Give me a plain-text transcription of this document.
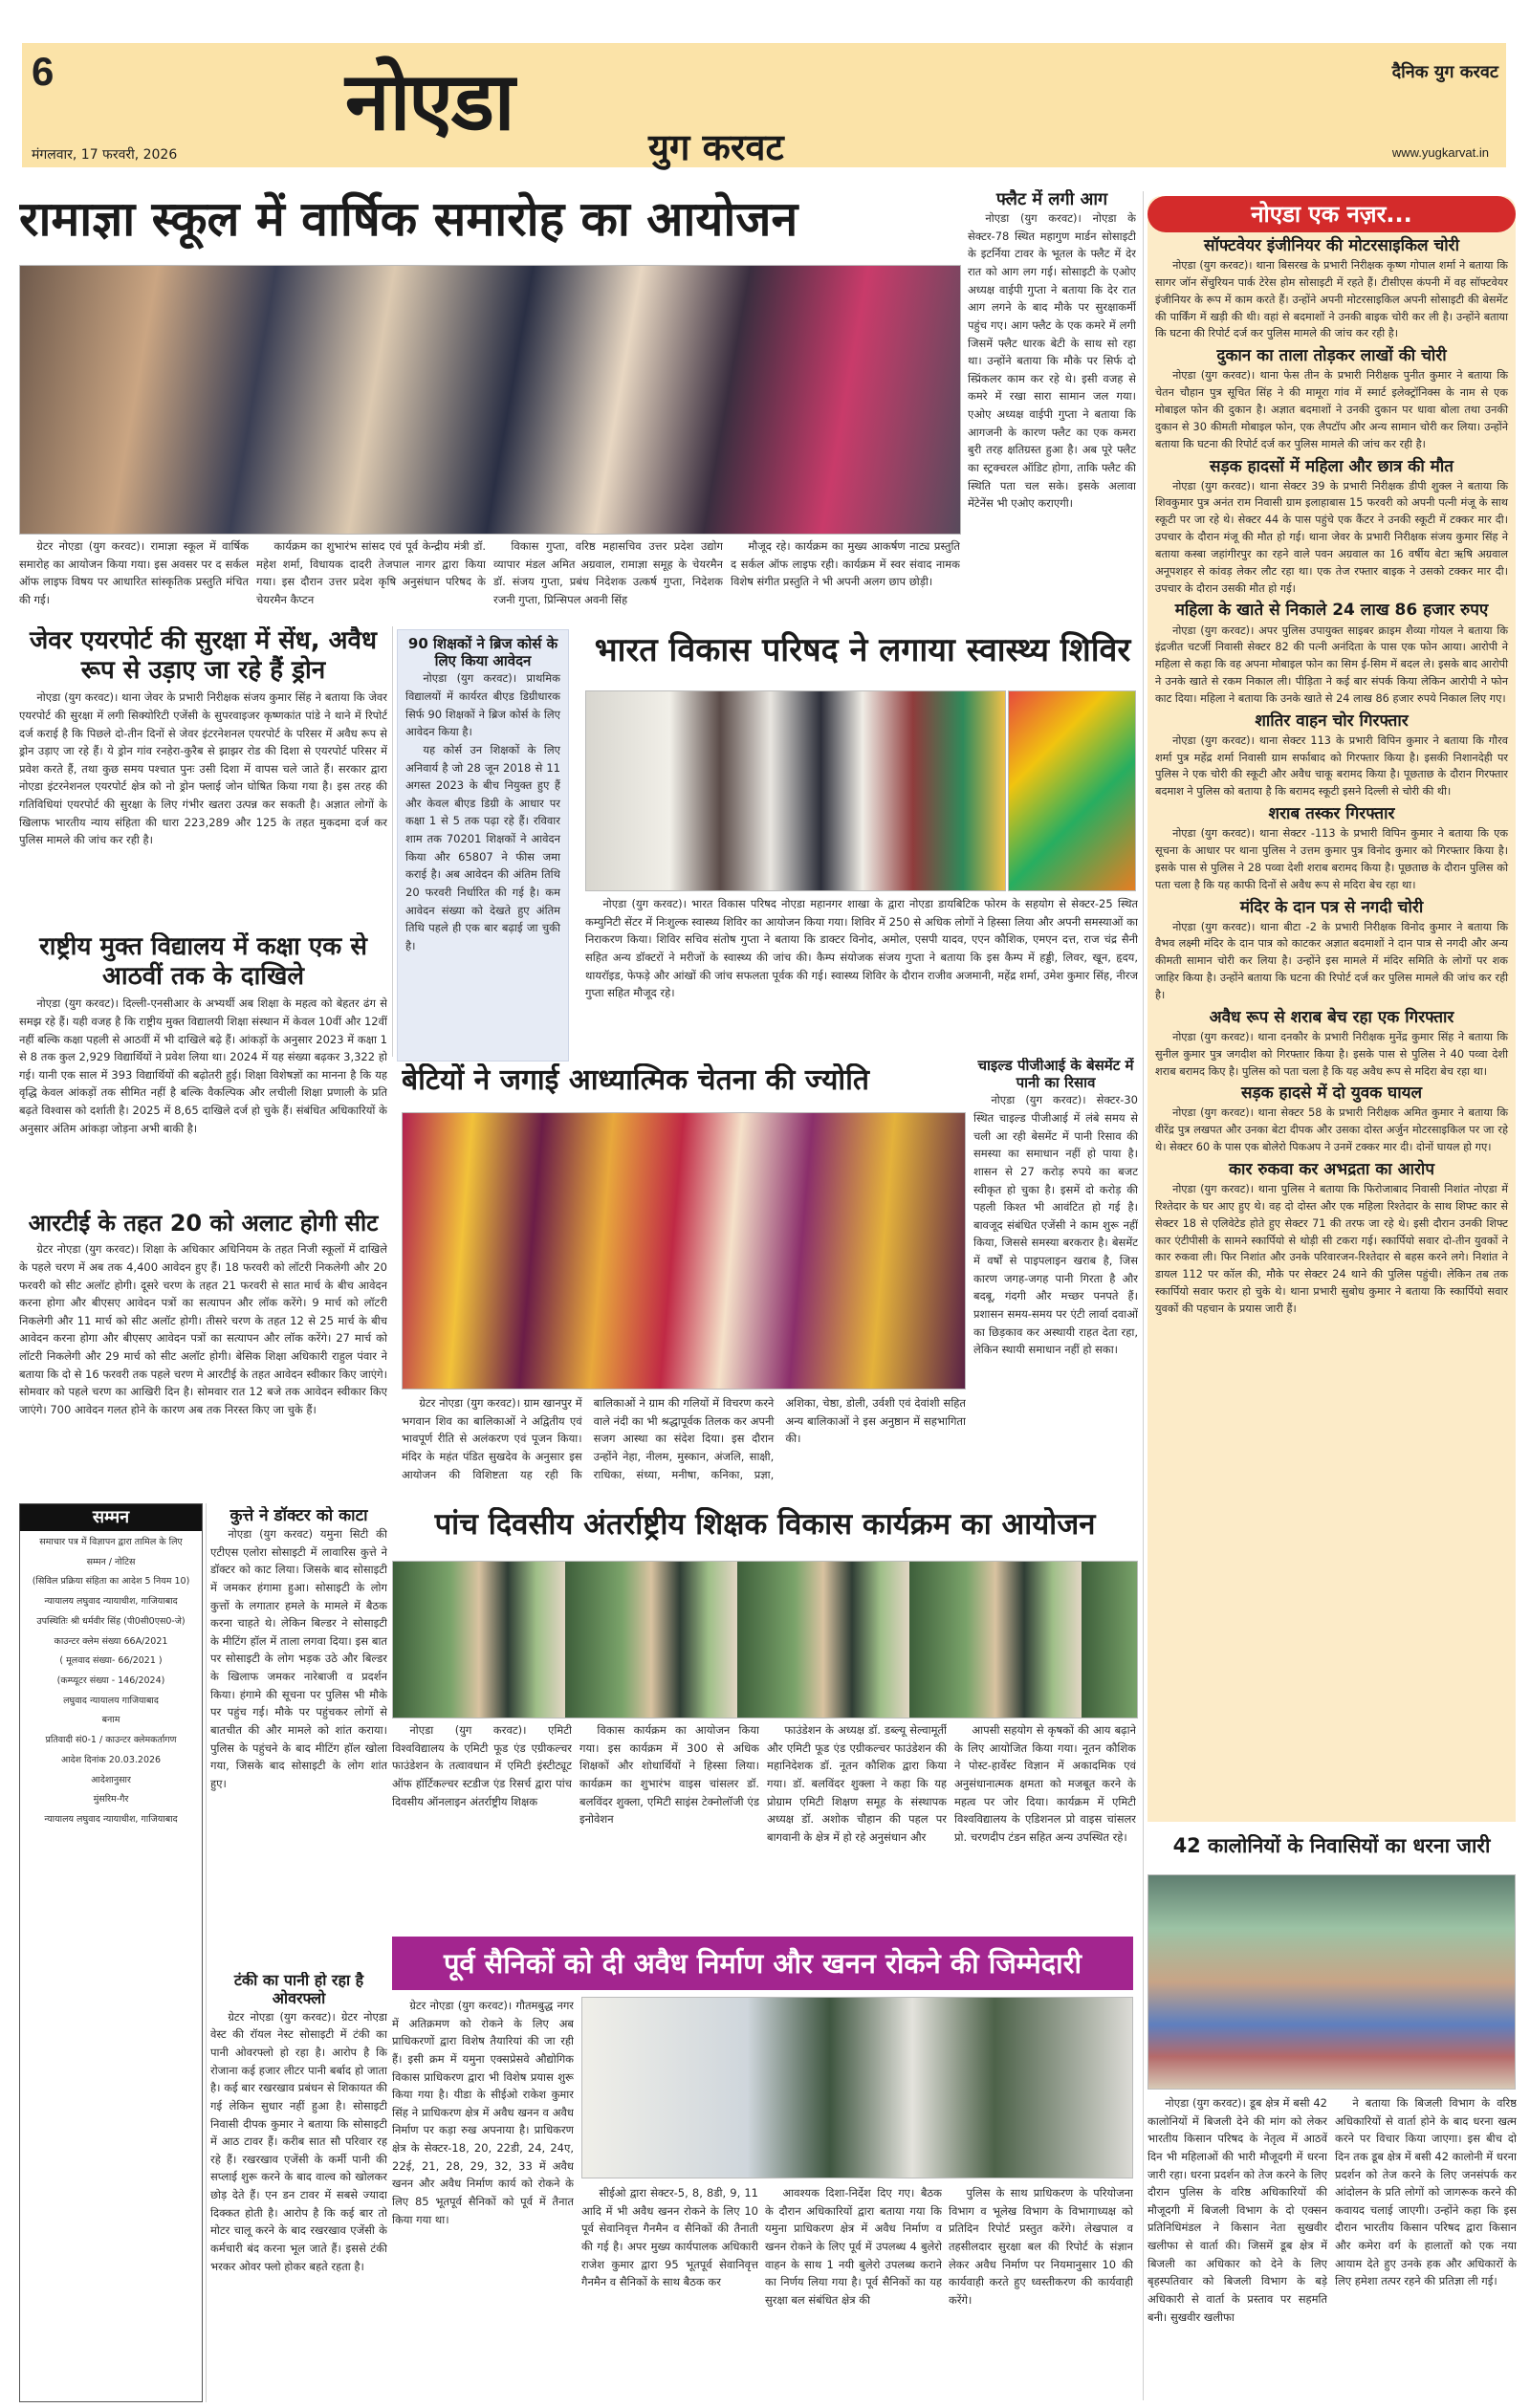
6	नोएडा	युग करवट
मंगलवार, 17 फरवरी, 2026
दैनिक युग करवट
www.yugkarvat.in
रामाज्ञा स्कूल में वार्षिक समारोह का आयोजन

ग्रेटर नोएडा (युग करवट)। रामाज्ञा स्कूल में वार्षिक समारोह का आयोजन किया गया। इस अवसर पर द सर्कल ऑफ लाइफ विषय पर आधारित सांस्कृतिक प्रस्तुति मंचित की गई।

कार्यक्रम का शुभारंभ सांसद एवं पूर्व केन्द्रीय मंत्री डॉ. महेश शर्मा, विधायक दादरी तेजपाल नागर द्वारा किया गया। इस दौरान उत्तर प्रदेश कृषि अनुसंधान परिषद के चेयरमैन कैप्टन

विकास गुप्ता, वरिष्ठ महासचिव उत्तर प्रदेश उद्योग व्यापार मंडल अमित अग्रवाल, रामाज्ञा समूह के चेयरमैन डॉ. संजय गुप्ता, प्रबंध निदेशक उत्कर्ष गुप्ता, निदेशक रजनी गुप्ता, प्रिन्सिपल अवनी सिंह

मौजूद रहे। कार्यक्रम का मुख्य आकर्षण नाट्य प्रस्तुति द सर्कल ऑफ लाइफ रही। कार्यक्रम में स्वर संवाद नामक विशेष संगीत प्रस्तुति ने भी अपनी अलग छाप छोड़ी।

फ्लैट में लगी आग

नोएडा (युग करवट)। नोएडा के सेक्टर-78 स्थित महागुण मार्डन सोसाइटी के इटर्निया टावर के भूतल के फ्लैट में देर रात को आग लग गई। सोसाइटी के एओए अध्यक्ष वाईपी गुप्ता ने बताया कि देर रात आग लगने के बाद मौके पर सुरक्षाकर्मी पहुंच गए। आग फ्लैट के एक कमरे में लगी जिसमें फ्लैट धारक बेटी के साथ सो रहा था। उन्होंने बताया कि मौके पर सिर्फ दो स्प्रिंकलर काम कर रहे थे। इसी वजह से कमरे में रखा सारा सामान जल गया। एओए अध्यक्ष वाईपी गुप्ता ने बताया कि आगजनी के कारण फ्लैट का एक कमरा बुरी तरह क्षतिग्रस्त हुआ है। अब पूरे फ्लैट का स्ट्रक्चरल ऑडिट होगा, ताकि फ्लैट की स्थिति पता चल सके। इसके अलावा मेंटेनेंस भी एओए कराएगी।

नोएडा एक नज़र...
सॉफ्टवेयर इंजीनियर की मोटरसाइकिल चोरी

नोएडा (युग करवट)। थाना बिसरख के प्रभारी निरीक्षक कृष्ण गोपाल शर्मा ने बताया कि सागर जॉन सेंचुरियन पार्क टेरेस होम सोसाइटी में रहते हैं। टीसीएस कंपनी में वह सॉफ्टवेयर इंजीनियर के रूप में काम करते हैं। उन्होंने अपनी मोटरसाइकिल अपनी सोसाइटी की बेसमेंट की पार्किंग में खड़ी की थी। वहां से बदमाशों ने उनकी बाइक चोरी कर ली है। उन्होंने बताया कि घटना की रिपोर्ट दर्ज कर पुलिस मामले की जांच कर रही है।

दुकान का ताला तोड़कर लाखों की चोरी

नोएडा (युग करवट)। थाना फेस तीन के प्रभारी निरीक्षक पुनीत कुमार ने बताया कि चेतन चौहान पुत्र सूचित सिंह ने की मामूरा गांव में स्मार्ट इलेक्ट्रॉनिक्स के नाम से एक मोबाइल फोन की दुकान है। अज्ञात बदमाशों ने उनकी दुकान पर धावा बोला तथा उनकी दुकान से 30 कीमती मोबाइल फोन, एक लैपटॉप और अन्य सामान चोरी कर लिया। उन्होंने बताया कि घटना की रिपोर्ट दर्ज कर पुलिस मामले की जांच कर रही है।

सड़क हादसों में महिला और छात्र की मौत

नोएडा (युग करवट)। थाना सेक्टर 39 के प्रभारी निरीक्षक डीपी शुक्ल ने बताया कि शिवकुमार पुत्र अनंत राम निवासी ग्राम इलाहाबास 15 फरवरी को अपनी पत्नी मंजू के साथ स्कूटी पर जा रहे थे। सेक्टर 44 के पास पहुंचे एक कैंटर ने उनकी स्कूटी में टक्कर मार दी। उपचार के दौरान मंजू की मौत हो गई। थाना जेवर के प्रभारी निरीक्षक संजय कुमार सिंह ने बताया कस्बा जहांगीरपुर का रहने वाले पवन अग्रवाल का 16 वर्षीय बेटा ऋषि अग्रवाल अनूपशहर से कांवड़ लेकर लौट रहा था। एक तेज रफ्तार बाइक ने उसको टक्कर मार दी। उपचार के दौरान उसकी मौत हो गई।

महिला के खाते से निकाले 24 लाख 86 हजार रुपए

नोएडा (युग करवट)। अपर पुलिस उपायुक्त साइबर क्राइम शैव्या गोयल ने बताया कि इंद्रजीत चटर्जी निवासी सेक्टर 82 की पत्नी अनंदिता के पास एक फोन आया। आरोपी ने महिला से कहा कि वह अपना मोबाइल फोन का सिम ई-सिम में बदल ले। इसके बाद आरोपी ने उनके खाते से रकम निकाल ली। पीड़िता ने कई बार संपर्क किया लेकिन आरोपी ने फोन काट दिया। महिला ने बताया कि उनके खाते से 24 लाख 86 हजार रुपये निकाल लिए गए।

शातिर वाहन चोर गिरफ्तार

नोएडा (युग करवट)। थाना सेक्टर 113 के प्रभारी विपिन कुमार ने बताया कि गौरव शर्मा पुत्र महेंद्र शर्मा निवासी ग्राम सर्फाबाद को गिरफ्तार किया है। इसकी निशानदेही पर पुलिस ने एक चोरी की स्कूटी और अवैध चाकू बरामद किया है। पूछताछ के दौरान गिरफ्तार बदमाश ने पुलिस को बताया है कि बरामद स्कूटी इसने दिल्ली से चोरी की थी।

शराब तस्कर गिरफ्तार

नोएडा (युग करवट)। थाना सेक्टर -113 के प्रभारी विपिन कुमार ने बताया कि एक सूचना के आधार पर थाना पुलिस ने उत्तम कुमार पुत्र विनोद कुमार को गिरफ्तार किया है। इसके पास से पुलिस ने 28 पव्वा देशी शराब बरामद किया है। पूछताछ के दौरान पुलिस को पता चला है कि यह काफी दिनों से अवैध रूप से मदिरा बेच रहा था।

मंदिर के दान पत्र से नगदी चोरी

नोएडा (युग करवट)। थाना बीटा -2 के प्रभारी निरीक्षक विनोद कुमार ने बताया कि वैभव लक्ष्मी मंदिर के दान पात्र को काटकर अज्ञात बदमाशों ने दान पात्र से नगदी और अन्य कीमती सामान चोरी कर लिया है। उन्होंने इस मामले में मंदिर समिति के लोगों पर शक जाहिर किया है। उन्होंने बताया कि घटना की रिपोर्ट दर्ज कर पुलिस मामले की जांच कर रही है।

अवैध रूप से शराब बेच रहा एक गिरफ्तार

नोएडा (युग करवट)। थाना दनकौर के प्रभारी निरीक्षक मुनेंद्र कुमार सिंह ने बताया कि सुनील कुमार पुत्र जगदीश को गिरफ्तार किया है। इसके पास से पुलिस ने 40 पव्वा देशी शराब बरामद किए है। पुलिस को पता चला है कि यह अवैध रूप से मदिरा बेच रहा था।

सड़क हादसे में दो युवक घायल

नोएडा (युग करवट)। थाना सेक्टर 58 के प्रभारी निरीक्षक अमित कुमार ने बताया कि वीरेंद्र पुत्र लखपत और उनका बेटा दीपक और उसका दोस्त अर्जुन मोटरसाइकिल पर जा रहे थे। सेक्टर 60 के पास एक बोलेरो पिकअप ने उनमें टक्कर मार दी। दोनों घायल हो गए।

कार रुकवा कर अभद्रता का आरोप

नोएडा (युग करवट)। थाना पुलिस ने बताया कि फिरोजाबाद निवासी निशांत नोएडा में रिश्तेदार के घर आए हुए थे। वह दो दोस्त और एक महिला रिश्तेदार के साथ शिफ्ट कार से सेक्टर 18 से एलिवेटेड होते हुए सेक्टर 71 की तरफ जा रहे थे। इसी दौरान उनकी शिफ्ट कार एंटीपीसी के सामने स्कार्पियो से थोड़ी सी टकरा गई। स्कार्पियो सवार दो-तीन युवकों ने कार रुकवा ली। फिर निशांत और उनके परिवारजन-रिश्तेदार से बहस करने लगे। निशांत ने डायल 112 पर कॉल की, मौके पर सेक्टर 24 थाने की पुलिस पहुंची। लेकिन तब तक स्कार्पियो सवार फरार हो चुके थे। थाना प्रभारी सुबोध कुमार ने बताया कि स्कार्पियो सवार युवकों की पहचान के प्रयास जारी हैं।

जेवर एयरपोर्ट की सुरक्षा में सेंध, अवैध रूप से उड़ाए जा रहे हैं ड्रोन

नोएडा (युग करवट)। थाना जेवर के प्रभारी निरीक्षक संजय कुमार सिंह ने बताया कि जेवर एयरपोर्ट की सुरक्षा में लगी सिक्योरिटी एजेंसी के सुपरवाइजर कृष्णकांत पांडे ने थाने में रिपोर्ट दर्ज कराई है कि पिछले दो-तीन दिनों से जेवर इंटरनेशनल एयरपोर्ट के परिसर में अवैध रूप से ड्रोन उड़ाए जा रहे हैं। ये ड्रोन गांव रनहेरा-कुरैब से झाझर रोड की दिशा से एयरपोर्ट परिसर में प्रवेश करते हैं, तथा कुछ समय पश्चात पुनः उसी दिशा में वापस चले जाते हैं। सरकार द्वारा नोएडा इंटरनेशनल एयरपोर्ट क्षेत्र को नो ड्रोन फ्लाई जोन घोषित किया गया है। इस तरह की गतिविधियां एयरपोर्ट की सुरक्षा के लिए गंभीर खतरा उत्पन्न कर सकती है। अज्ञात लोगों के खिलाफ भारतीय न्याय संहिता की धारा 223,289 और 125 के तहत मुकदमा दर्ज कर पुलिस मामले की जांच कर रही है।

90 शिक्षकों ने ब्रिज कोर्स के लिए किया आवेदन

नोएडा (युग करवट)। प्राथमिक विद्यालयों में कार्यरत बीएड डिग्रीधारक सिर्फ 90 शिक्षकों ने ब्रिज कोर्स के लिए आवेदन किया है।

यह कोर्स उन शिक्षकों के लिए अनिवार्य है जो 28 जून 2018 से 11 अगस्त 2023 के बीच नियुक्त हुए हैं और केवल बीएड डिग्री के आधार पर कक्षा 1 से 5 तक पढ़ा रहे हैं। रविवार शाम तक 70201 शिक्षकों ने आवेदन किया और 65807 ने फीस जमा कराई है। अब आवेदन की अंतिम तिथि 20 फरवरी निर्धारित की गई है। कम आवेदन संख्या को देखते हुए अंतिम तिथि पहले ही एक बार बढ़ाई जा चुकी है।

भारत विकास परिषद ने लगाया स्वास्थ्य शिविर

नोएडा (युग करवट)। भारत विकास परिषद नोएडा महानगर शाखा के द्वारा नोएडा डायबिटिक फोरम के सहयोग से सेक्टर-25 स्थित कम्युनिटी सेंटर में निःशुल्क स्वास्थ्य शिविर का आयोजन किया गया। शिविर में 250 से अधिक लोगों ने हिस्सा लिया और अपनी समस्याओं का निराकरण किया। शिविर सचिव संतोष गुप्ता ने बताया कि डाक्टर विनोद, अमोल, एसपी यादव, एएन कौशिक, एमएन दत्त, राज चंद्र सैनी सहित अन्य डॉक्टरों ने मरीजों के स्वास्थ्य की जांच की। कैम्प संयोजक संजय गुप्ता ने बताया कि इस कैम्प में हड्डी, लिवर, खून, हृदय, थायरॉइड, फेफड़े और आंखों की जांच सफलता पूर्वक की गई। स्वास्थ्य शिविर के दौरान राजीव अजमानी, महेंद्र शर्मा, उमेश कुमार सिंह, नीरज गुप्ता सहित मौजूद रहे।

राष्ट्रीय मुक्त विद्यालय में कक्षा एक से आठवीं तक के दाखिले

नोएडा (युग करवट)। दिल्ली-एनसीआर के अभ्यर्थी अब शिक्षा के महत्व को बेहतर ढंग से समझ रहे हैं। यही वजह है कि राष्ट्रीय मुक्त विद्यालयी शिक्षा संस्थान में केवल 10वीं और 12वीं नहीं बल्कि कक्षा पहली से आठवीं में भी दाखिले बढ़े हैं। आंकड़ों के अनुसार 2023 में कक्षा 1 से 8 तक कुल 2,929 विद्यार्थियों ने प्रवेश लिया था। 2024 में यह संख्या बढ़कर 3,322 हो गई। यानी एक साल में 393 विद्यार्थियों की बढ़ोतरी हुई। शिक्षा विशेषज्ञों का मानना है कि यह वृद्धि केवल आंकड़ों तक सीमित नहीं है बल्कि वैकल्पिक और लचीली शिक्षा प्रणाली के प्रति बढ़ते विश्वास को दर्शाती है। 2025 में 8,65 दाखिले दर्ज हो चुके हैं। संबंधित अधिकारियों के अनुसार अंतिम आंकड़ा जोड़ना अभी बाकी है।

आरटीई के तहत 20 को अलाट होगी सीट

ग्रेटर नोएडा (युग करवट)। शिक्षा के अधिकार अधिनियम के तहत निजी स्कूलों में दाखिले के पहले चरण में अब तक 4,400 आवेदन हुए हैं। 18 फरवरी को लॉटरी निकलेगी और 20 फरवरी को सीट अलॉट होगी। दूसरे चरण के तहत 21 फरवरी से सात मार्च के बीच आवेदन करना होगा और बीएसए आवेदन पत्रों का सत्यापन और लॉक करेंगे। 9 मार्च को लॉटरी निकलेगी और 11 मार्च को सीट अलॉट होगी। तीसरे चरण के तहत 12 से 25 मार्च के बीच आवेदन करना होगा और बीएसए आवेदन पत्रों का सत्यापन और लॉक करेंगे। 27 मार्च को लॉटरी निकलेगी और 29 मार्च को सीट अलॉट होगी। बेसिक शिक्षा अधिकारी राहुल पंवार ने बताया कि दो से 16 फरवरी तक पहले चरण मे आरटीई के तहत आवेदन स्वीकार किए जाएंगे। सोमवार को पहले चरण का आखिरी दिन है। सोमवार रात 12 बजे तक आवेदन स्वीकार किए जाएंगे। 700 आवेदन गलत होने के कारण अब तक निरस्त किए जा चुके हैं।

बेटियों ने जगाई आध्यात्मिक चेतना की ज्योति

ग्रेटर नोएडा (युग करवट)। ग्राम खानपुर में भगवान शिव का बालिकाओं ने अद्वितीय एवं भावपूर्ण रीति से अलंकरण एवं पूजन किया। मंदिर के महंत पंडित सुखदेव के अनुसार इस आयोजन की विशिष्टता यह रही कि बालिकाओं ने ग्राम की गलियों में विचरण करने वाले नंदी का भी श्रद्धापूर्वक तिलक कर अपनी सजग आस्था का संदेश दिया। इस दौरान उन्होंने नेहा, नीलम, मुस्कान, अंजलि, साक्षी, राधिका, संध्या, मनीषा, कनिका, प्रज्ञा, अशिका, चेष्ठा, डोली, उर्वशी एवं देवांशी सहित अन्य बालिकाओं ने इस अनुष्ठान में सहभागिता की।

चाइल्ड पीजीआई के बेसमेंट में पानी का रिसाव

नोएडा (युग करवट)। सेक्टर-30 स्थित चाइल्ड पीजीआई में लंबे समय से चली आ रही बेसमेंट में पानी रिसाव की समस्या का समाधान नहीं हो पाया है। शासन से 27 करोड़ रुपये का बजट स्वीकृत हो चुका है। इसमें दो करोड़ की पहली किश्त भी आवंटित हो गई है। बावजूद संबंधित एजेंसी ने काम शुरू नहीं किया, जिससे समस्या बरकरार है। बेसमेंट में वर्षों से पाइपलाइन खराब है, जिस कारण जगह-जगह पानी गिरता है और बदबू, गंदगी और मच्छर पनपते हैं। प्रशासन समय-समय पर एंटी लार्वा दवाओं का छिड़काव कर अस्थायी राहत देता रहा, लेकिन स्थायी समाधान नहीं हो सका।

पांच दिवसीय अंतर्राष्ट्रीय शिक्षक विकास कार्यक्रम का आयोजन

नोएडा (युग करवट)। एमिटी विश्वविद्यालय के एमिटी फूड एंड एग्रीकल्चर फाउंडेशन के तत्वावधान में एमिटी इंस्टीट्यूट ऑफ हॉर्टिकल्चर स्टडीज एंड रिसर्च द्वारा पांच दिवसीय ऑनलाइन अंतर्राष्ट्रीय शिक्षक

विकास कार्यक्रम का आयोजन किया गया। इस कार्यक्रम में 300 से अधिक शिक्षकों और शोधार्थियों ने हिस्सा लिया। कार्यक्रम का शुभारंभ वाइस चांसलर डॉ. बलविंदर शुक्ला, एमिटी साइंस टेक्नोलॉजी एंड इनोवेशन

फाउंडेशन के अध्यक्ष डॉ. डब्ल्यू सेल्वामूर्ती और एमिटी फूड एंड एग्रीकल्चर फाउंडेशन की महानिदेशक डॉ. नूतन कौशिक द्वारा किया गया। डॉ. बलविंदर शुक्ला ने कहा कि यह प्रोग्राम एमिटी शिक्षण समूह के संस्थापक अध्यक्ष डॉ. अशोक चौहान की पहल पर बागवानी के क्षेत्र में हो रहे अनुसंधान और

आपसी सहयोग से कृषकों की आय बढ़ाने के लिए आयोजित किया गया। नूतन कौशिक ने पोस्ट-हार्वेस्ट विज्ञान में अकादमिक एवं अनुसंधानात्मक क्षमता को मजबूत करने के महत्व पर जोर दिया। कार्यक्रम में एमिटी विश्वविद्यालय के एडिशनल प्रो वाइस चांसलर प्रो. चरणदीप टंडन सहित अन्य उपस्थित रहे।

पूर्व सैनिकों को दी अवैध निर्माण और खनन रोकने की जिम्मेदारी

ग्रेटर नोएडा (युग करवट)। गौतमबुद्ध नगर में अतिक्रमण को रोकने के लिए अब प्राधिकरणों द्वारा विशेष तैयारियां की जा रही हैं। इसी क्रम में यमुना एक्सप्रेसवे औद्योगिक विकास प्राधिकरण द्वारा भी विशेष प्रयास शुरू किया गया है। यीडा के सीईओ राकेश कुमार सिंह ने प्राधिकरण क्षेत्र में अवैध खनन व अवैध निर्माण पर कड़ा रुख अपनाया है। प्राधिकरण क्षेत्र के सेक्टर-18, 20, 22डी, 24, 24ए, 22ई, 21, 28, 29, 32, 33 में अवैध खनन और अवैध निर्माण कार्य को रोकने के लिए 85 भूतपूर्व सैनिकों को पूर्व में तैनात किया गया था।

सीईओ द्वारा सेक्टर-5, 8, 8डी, 9, 11 आदि में भी अवैध खनन रोकने के लिए 10 पूर्व सेवानिवृत्त गैनमैन व सैनिकों की तैनाती की गई है। अपर मुख्य कार्यपालक अधिकारी राजेश कुमार द्वारा 95 भूतपूर्व सेवानिवृत्त गैनमैन व सैनिकों के साथ बैठक कर

आवश्यक दिशा-निर्देश दिए गए। बैठक के दौरान अधिकारियों द्वारा बताया गया कि यमुना प्राधिकरण क्षेत्र में अवैध निर्माण व खनन रोकने के लिए पूर्व में उपलब्ध 4 बुलेरो वाहन के साथ 1 नयी बुलेरो उपलब्ध कराने का निर्णय लिया गया है। पूर्व सैनिकों का यह सुरक्षा बल संबंधित क्षेत्र की

पुलिस के साथ प्राधिकरण के परियोजना विभाग व भूलेख विभाग के विभागाध्यक्ष को प्रतिदिन रिपोर्ट प्रस्तुत करेंगे। लेखपाल व तहसीलदार सुरक्षा बल की रिपोर्ट के संज्ञान लेकर अवैध निर्माण पर नियमानुसार 10 की कार्यवाही करते हुए ध्वस्तीकरण की कार्यवाही करेंगे।

सम्मन
समाचार पत्र में विज्ञापन द्वारा तामिल के लिए
सम्मन / नोटिस
(सिविल प्रक्रिया संहिता का आदेश 5 नियम 10)
न्यायालय लघुवाद न्यायाधीश, गाजियाबाद
उपस्थितिः श्री धर्मवीर सिंह (पी0सी0एस0-जे)
काउन्टर क्लेम संख्या 66A/2021
( मूलवाद संख्या- 66/2021 )
(कम्प्यूटर संख्या - 146/2024)
लघुवाद न्यायालय गाजियाबाद
बनाम
प्रतिवादी सं0-1 / काउन्टर क्लेमकर्तागण
आदेश दिनांक 20.03.2026
आदेशानुसार
मुंसरिम-गैर
न्यायालय लघुवाद न्यायाधीश, गाजियाबाद
कुत्ते ने डॉक्टर को काटा

नोएडा (युग करवट) यमुना सिटी की एटीएस एलोरा सोसाइटी में लावारिस कुत्ते ने डॉक्टर को काट लिया। जिसके बाद सोसाइटी में जमकर हंगामा हुआ। सोसाइटी के लोग कुत्तों के लगातार हमले के मामले में बैठक करना चाहते थे। लेकिन बिल्डर ने सोसाइटी के मीटिंग हॉल में ताला लगवा दिया। इस बात पर सोसाइटी के लोग भड़क उठे और बिल्डर के खिलाफ जमकर नारेबाजी व प्रदर्शन किया। हंगामे की सूचना पर पुलिस भी मौके पर पहुंच गई। मौके पर पहुंचकर लोगों से बातचीत की और मामले को शांत कराया। पुलिस के पहुंचने के बाद मीटिंग हॉल खोला गया, जिसके बाद सोसाइटी के लोग शांत हुए।

टंकी का पानी हो रहा है ओवरफ्लो

ग्रेटर नोएडा (युग करवट)। ग्रेटर नोएडा वेस्ट की रॉयल नेस्ट सोसाइटी में टंकी का पानी ओवरफ्लो हो रहा है। आरोप है कि रोजाना कई हजार लीटर पानी बर्बाद हो जाता है। कई बार रखरखाव प्रबंधन से शिकायत की गई लेकिन सुधार नहीं हुआ है। सोसाइटी निवासी दीपक कुमार ने बताया कि सोसाइटी में आठ टावर हैं। करीब सात सौ परिवार रह रहे हैं। रखरखाव एजेंसी के कर्मी पानी की सप्लाई शुरू करने के बाद वाल्व को खोलकर छोड़ देते हैं। एन डन टावर में सबसे ज्यादा दिक्कत होती है। आरोप है कि कई बार तो मोटर चालू करने के बाद रखरखाव एजेंसी के कर्मचारी बंद करना भूल जाते हैं। इससे टंकी भरकर ओवर फ्लो होकर बहते रहता है।

42 कालोनियों के निवासियों का धरना जारी

नोएडा (युग करवट)। डूब क्षेत्र में बसी 42 कालोनियों में बिजली देने की मांग को लेकर भारतीय किसान परिषद के नेतृत्व में आठवें दिन भी महिलाओं की भारी मौजूदगी में धरना जारी रहा। धरना प्रदर्शन को तेज करने के लिए दौरान पुलिस के वरिष्ठ अधिकारियों की मौजूदगी में बिजली विभाग के दो एक्सन प्रतिनिधिमंडल ने किसान नेता सुखवीर खलीफा से वार्ता की। जिसमें डूब क्षेत्र में बिजली का अधिकार को देने के लिए बृहस्पतिवार को बिजली विभाग के बड़े अधिकारी से वार्ता के प्रस्ताव पर सहमति बनी। सुखवीर खलीफा

ने बताया कि बिजली विभाग के वरिष्ठ अधिकारियों से वार्ता होने के बाद धरना खत्म करने पर विचार किया जाएगा। इस बीच दो दिन तक डूब क्षेत्र में बसी 42 कालोनी में धरना प्रदर्शन को तेज करने के लिए जनसंपर्क कर आंदोलन के प्रति लोगों को जागरूक करने की कवायद चलाई जाएगी। उन्होंने कहा कि इस दौरान भारतीय किसान परिषद द्वारा किसान और कमेरा वर्ग के हालातों को एक नया आयाम देते हुए उनके हक और अधिकारों के लिए हमेशा तत्पर रहने की प्रतिज्ञा ली गई।
